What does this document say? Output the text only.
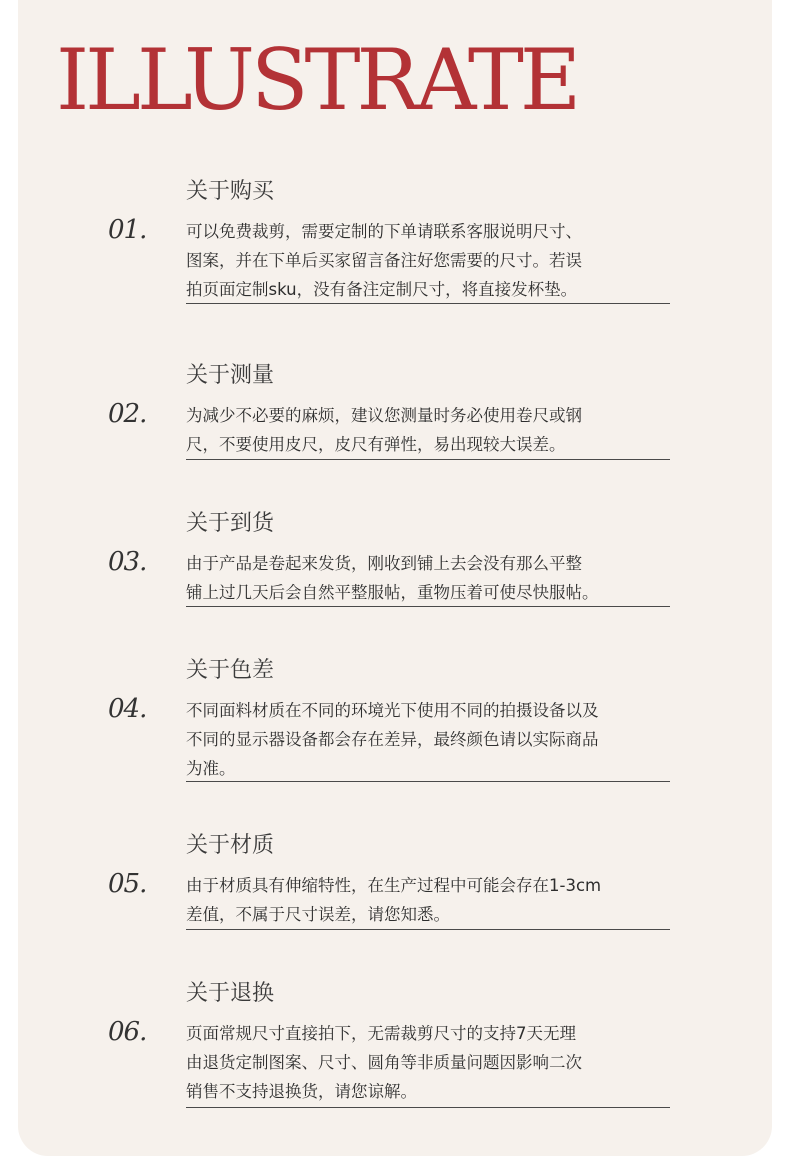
ILLUSTRATE
关于购买
01. 可以免费裁剪，需要定制的下单请联系客服说明尺寸、
图案，并在下单后买家留言备注好您需要的尺寸。若误
拍页面定制sku，没有备注定制尺寸，将直接发杯垫。

关于测量
02. 为减少不必要的麻烦，建议您测量时务必使用卷尺或钢
尺，不要使用皮尺，皮尺有弹性，易出现较大误差。

关于到货
03. 由于产品是卷起来发货，刚收到铺上去会没有那么平整
铺上过几天后会自然平整服帖，重物压着可使尽快服帖。

关于色差
04. 不同面料材质在不同的环境光下使用不同的拍摄设备以及
不同的显示器设备都会存在差异，最终颜色请以实际商品
为准。

关于材质
05. 由于材质具有伸缩特性，在生产过程中可能会存在1-3cm
差值，不属于尺寸误差，请您知悉。

关于退换
06. 页面常规尺寸直接拍下，无需裁剪尺寸的支持7天无理
由退货定制图案、尺寸、圆角等非质量问题因影响二次
销售不支持退换货，请您谅解。
